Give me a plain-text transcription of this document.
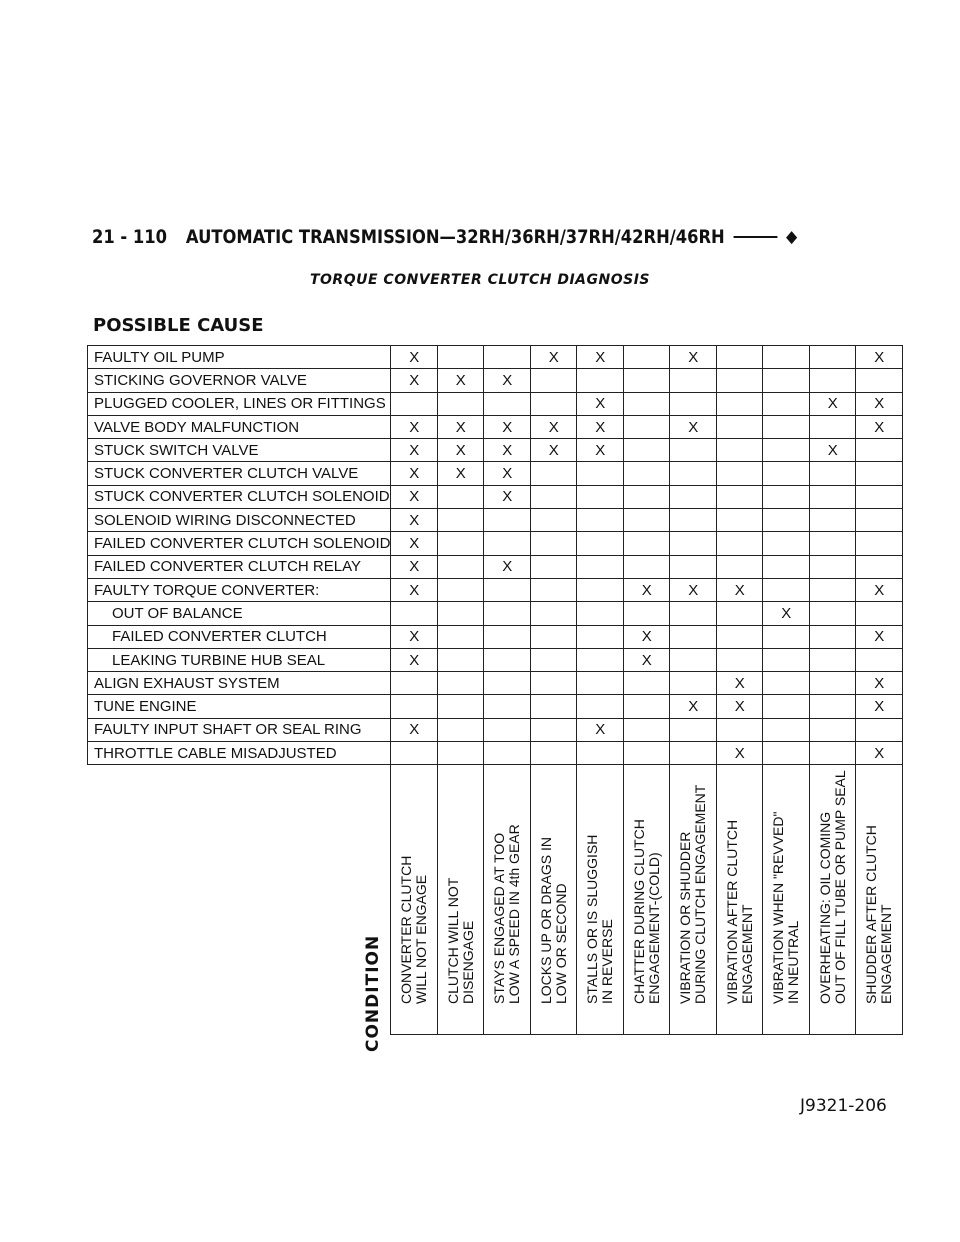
21 - 110 AUTOMATIC TRANSMISSION—32RH/36RH/37RH/42RH/46RH	◆
TORQUE CONVERTER CLUTCH DIAGNOSIS
POSSIBLE CAUSE
FAULTY OIL PUMP	X			X	X		X				X
STICKING GOVERNOR VALVE	X	X	X								
PLUGGED COOLER, LINES OR FITTINGS					X					X	X
VALVE BODY MALFUNCTION	X	X	X	X	X		X				X
STUCK SWITCH VALVE	X	X	X	X	X					X	
STUCK CONVERTER CLUTCH VALVE	X	X	X								
STUCK CONVERTER CLUTCH SOLENOID	X		X								
SOLENOID WIRING DISCONNECTED	X										
FAILED CONVERTER CLUTCH SOLENOID	X										
FAILED CONVERTER CLUTCH RELAY	X		X								
FAULTY TORQUE CONVERTER:	X					X	X	X			X
OUT OF BALANCE									X		
FAILED CONVERTER CLUTCH	X					X					X
LEAKING TURBINE HUB SEAL	X					X					
ALIGN EXHAUST SYSTEM								X			X
TUNE ENGINE							X	X			X
FAULTY INPUT SHAFT OR SEAL RING	X				X						
THROTTLE CABLE MISADJUSTED								X			X

	CONVERTER CLUTCH WILL NOT ENGAGE	CLUTCH WILL NOT DISENGAGE	STAYS ENGAGED AT TOO LOW A SPEED IN 4th GEAR	LOCKS UP OR DRAGS IN LOW OR SECOND	STALLS OR IS SLUGGISH IN REVERSE	CHATTER DURING CLUTCH ENGAGEMENT-(COLD)	VIBRATION OR SHUDDER DURING CLUTCH ENGAGEMENT	VIBRATION AFTER CLUTCH ENGAGEMENT	VIBRATION WHEN "REVVED" IN NEUTRAL	OVERHEATING: OIL COMING OUT OF FILL TUBE OR PUMP SEAL	SHUDDER AFTER CLUTCH ENGAGEMENT
CONDITION
J9321-206
